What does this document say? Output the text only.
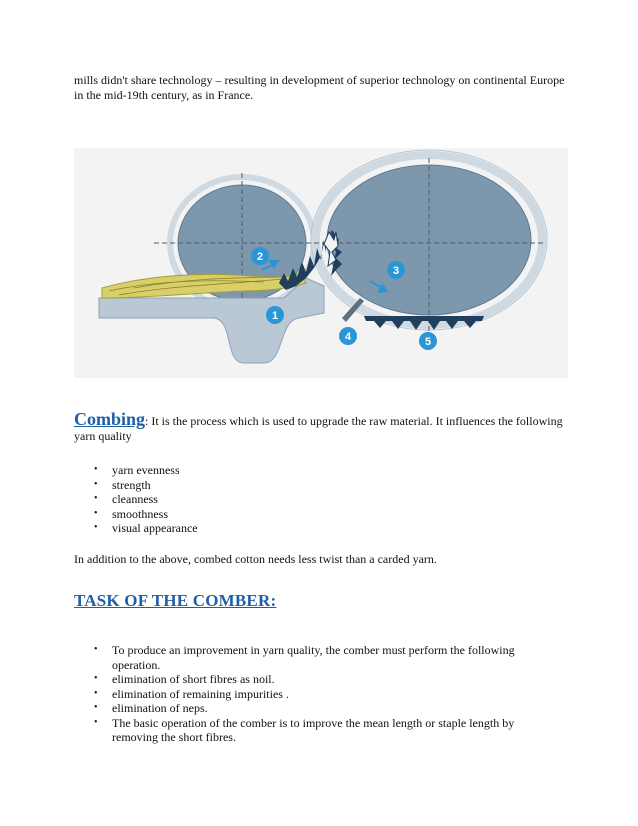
mills didn't share technology – resulting in development of superior technology on continental Europe in the mid-19th century, as in France.

1
2
3
4	5

Combing: It is the process which is used to upgrade the raw material. It influences the following yarn quality

• yarn evenness
• strength
• cleanness
• smoothness
• visual appearance

In addition to the above, combed cotton needs less twist than a carded yarn.

TASK OF THE COMBER:
• To produce an improvement in yarn quality, the comber must perform the following operation.
• elimination of short fibres as noil.
• elimination of remaining impurities .
• elimination of neps.
• The basic operation of the comber is to improve the mean length or staple length by removing the short fibres.
